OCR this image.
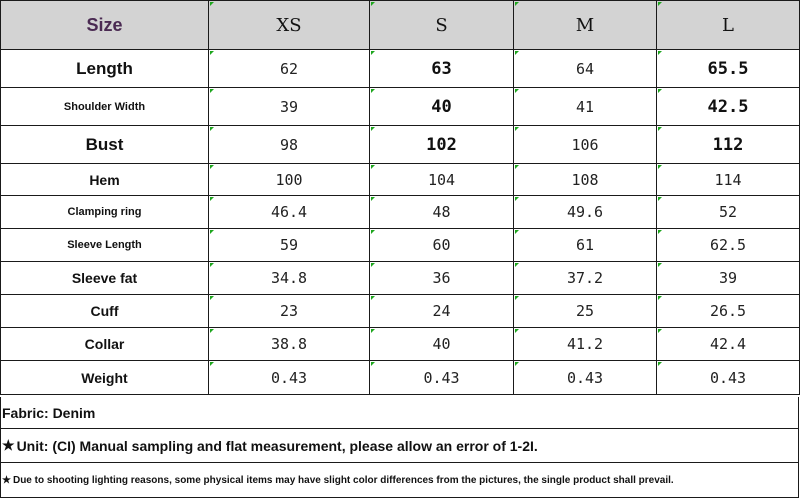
Size	XS	S	M	L
Length	62	63	64	65.5
Shoulder Width	39	40	41	42.5
Bust	98	102	106	112
Hem	100	104	108	114
Clamping ring	46.4	48	49.6	52
Sleeve Length	59	60	61	62.5
Sleeve fat	34.8	36	37.2	39
Cuff	23	24	25	26.5
Collar	38.8	40	41.2	42.4
Weight	0.43	0.43	0.43	0.43
Fabric: Denim
★ Unit: (CI) Manual sampling and flat measurement, please allow an error of 1-2I.
★ Due to shooting lighting reasons, some physical items may have slight color differences from the pictures, the single product shall prevail.
